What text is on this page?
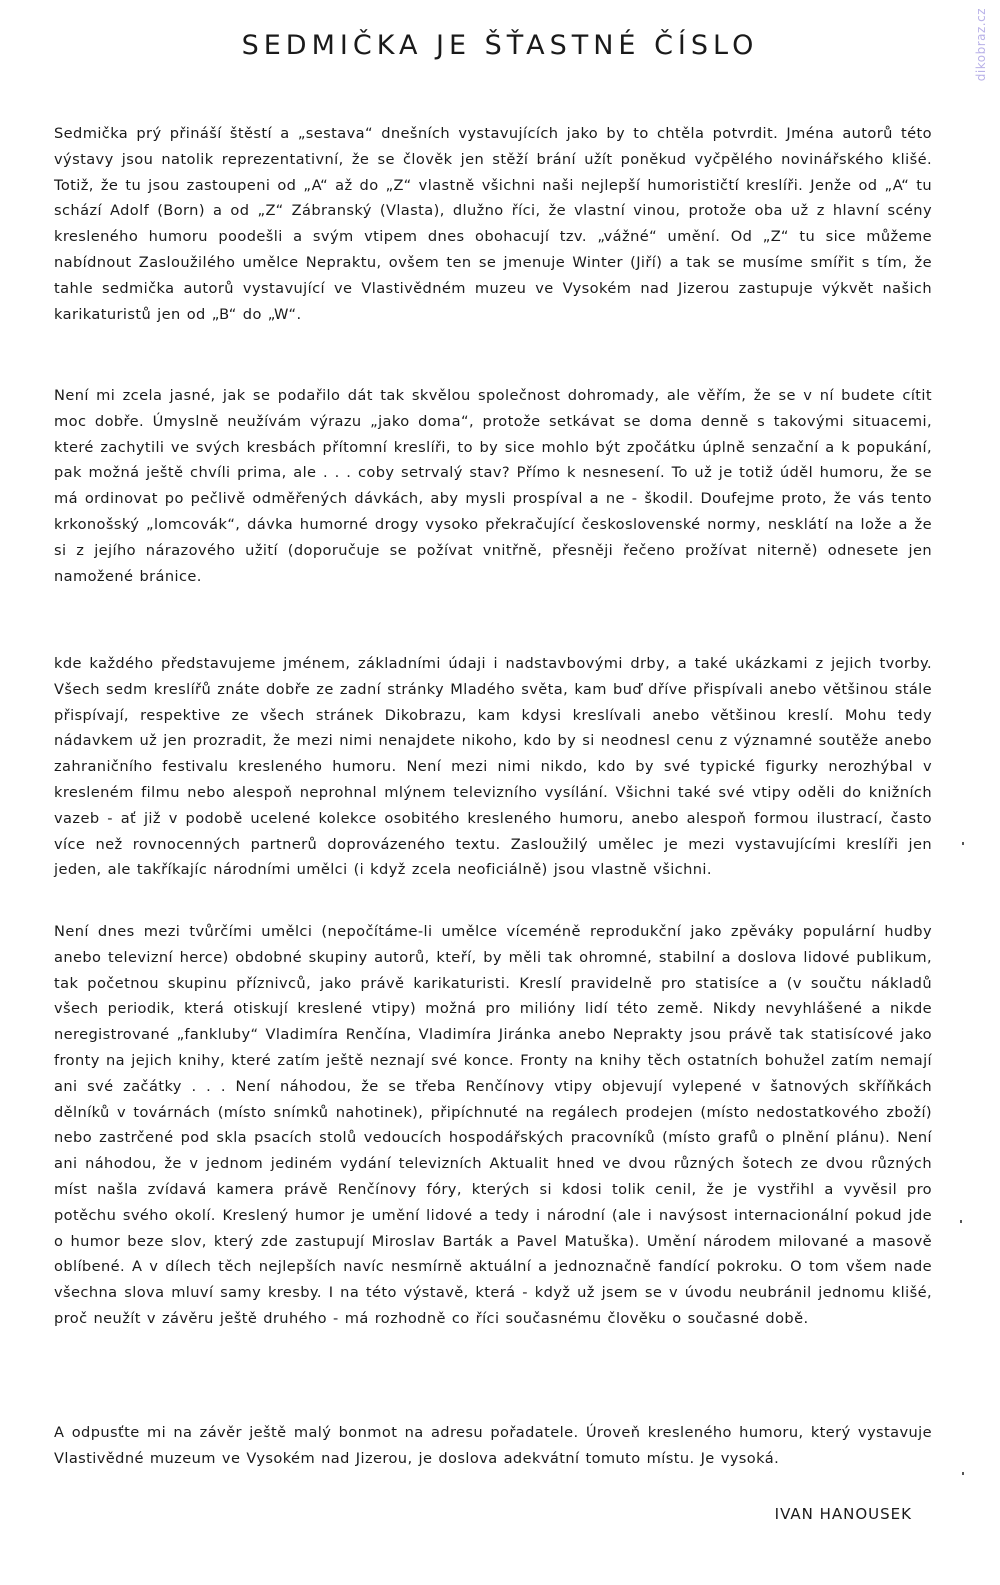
dikobraz.cz
SEDMIČKA JE ŠŤASTNÉ ČÍSLO

Sedmička prý přináší štěstí a „sestava“ dnešních vystavujících jako by to chtěla potvrdit. Jména autorů této výstavy jsou natolik reprezentativní, že se člověk jen stěží brání užít poněkud vyčpělého novinářského klišé. Totiž, že tu jsou zastoupeni od „A“ až do „Z“ vlastně všichni naši nejlepší humorističtí kreslíři. Jenže od „A“ tu schází Adolf (Born) a od „Z“ Zábranský (Vlasta), dlužno říci, že vlastní vinou, protože oba už z hlavní scény kresleného humoru poodešli a svým vtipem dnes obohacují tzv. „vážné“ umění. Od „Z“ tu sice můžeme nabídnout Zasloužilého umělce Nepraktu, ovšem ten se jmenuje Winter (Jiří) a tak se musíme smířit s tím, že tahle sedmička autorů vystavující ve Vlastivědném muzeu ve Vysokém nad Jizerou zastupuje výkvět našich karikaturistů jen od „B“ do „W“.

Není mi zcela jasné, jak se podařilo dát tak skvělou společnost dohromady, ale věřím, že se v ní budete cítit moc dobře. Úmyslně neužívám výrazu „jako doma“, protože setkávat se doma denně s takovými situacemi, které zachytili ve svých kresbách přítomní kreslíři, to by sice mohlo být zpočátku úplně senzační a k popukání, pak možná ještě chvíli prima, ale . . . coby setrvalý stav? Přímo k nesnesení. To už je totiž úděl humoru, že se má ordinovat po pečlivě odměřených dávkách, aby mysli prospíval a ne - škodil. Doufejme proto, že vás tento krkonošský „lomcovák“, dávka humorné drogy vysoko překračující československé normy, nesklátí na lože a že si z jejího nárazového užití (doporučuje se požívat vnitřně, přesněji řečeno prožívat niterně) odnesete jen namožené bránice.

kde každého představujeme jménem, základními údaji i nadstavbovými drby, a také ukázkami z jejich tvorby. Všech sedm kreslířů znáte dobře ze zadní stránky Mladého světa, kam buď dříve přispívali anebo většinou stále přispívají, respektive ze všech stránek Dikobrazu, kam kdysi kreslívali anebo většinou kreslí. Mohu tedy nádavkem už jen prozradit, že mezi nimi nenajdete nikoho, kdo by si neodnesl cenu z významné soutěže anebo zahraničního festivalu kresleného humoru. Není mezi nimi nikdo, kdo by své typické figurky nerozhýbal v kresleném filmu nebo alespoň neprohnal mlýnem televizního vysílání. Všichni také své vtipy oděli do knižních vazeb - ať již v podobě ucelené kolekce osobitého kresleného humoru, anebo alespoň formou ilustrací, často více než rovnocenných partnerů doprovázeného textu. Zasloužilý umělec je mezi vystavujícími kreslíři jen jeden, ale takříkajíc národními umělci (i když zcela neoficiálně) jsou vlastně všichni.

Není dnes mezi tvůrčími umělci (nepočítáme-li umělce víceméně reprodukční jako zpěváky populární hudby anebo televizní herce) obdobné skupiny autorů, kteří, by měli tak ohromné, stabilní a doslova lidové publikum, tak početnou skupinu příznivců, jako právě karikaturisti. Kreslí pravidelně pro statisíce a (v součtu nákladů všech periodik, která otiskují kreslené vtipy) možná pro milióny lidí této země. Nikdy nevyhlášené a nikde neregistrované „fankluby“ Vladimíra Renčína, Vladimíra Jiránka anebo Neprakty jsou právě tak statisícové jako fronty na jejich knihy, které zatím ještě neznají své konce. Fronty na knihy těch ostatních bohužel zatím nemají ani své začátky . . . Není náhodou, že se třeba Renčínovy vtipy objevují vylepené v šatnových skříňkách dělníků v továrnách (místo snímků nahotinek), připíchnuté na regálech prodejen (místo nedostatkového zboží) nebo zastrčené pod skla psacích stolů vedoucích hospodářských pracovníků (místo grafů o plnění plánu). Není ani náhodou, že v jednom jediném vydání televizních Aktualit hned ve dvou různých šotech ze dvou různých míst našla zvídavá kamera právě Renčínovy fóry, kterých si kdosi tolik cenil, že je vystřihl a vyvěsil pro potěchu svého okolí. Kreslený humor je umění lidové a tedy i národní (ale i navýsost internacionální pokud jde o humor beze slov, který zde zastupují Miroslav Barták a Pavel Matuška). Umění národem milované a masově oblíbené. A v dílech těch nejlepších navíc nesmírně aktuální a jednoznačně fandící pokroku. O tom všem nade všechna slova mluví samy kresby. I na této výstavě, která - když už jsem se v úvodu neubránil jednomu klišé, proč neužít v závěru ještě druhého - má rozhodně co říci současnému člověku o současné době.

A odpusťte mi na závěr ještě malý bonmot na adresu pořadatele. Úroveň kresleného humoru, který vystavuje Vlastivědné muzeum ve Vysokém nad Jizerou, je doslova adekvátní tomuto místu. Je vysoká.

IVAN HANOUSEK
